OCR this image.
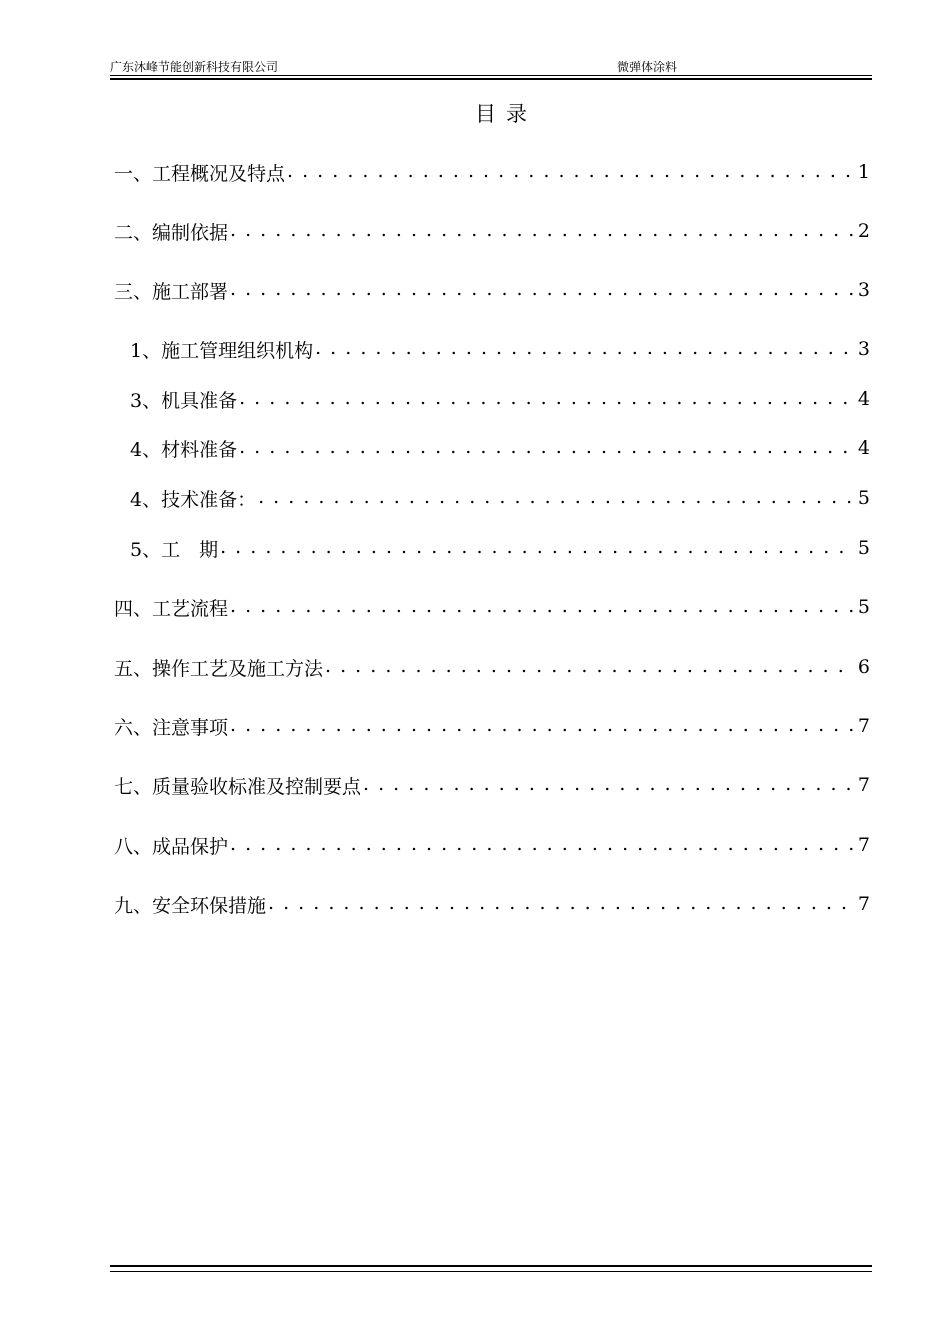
广东沐峰节能创新科技有限公司	微弹体涂料
目录
一、工程概况及特点 . . .	1
二、编制依据 . . .	2
三、施工部署 . . .	3
1、施工管理组织机构 . . .	3
3、机具准备 . . .	4
4、材料准备 . . .	4
4、技术准备： . . .	5
5、工　期 . . .	5
四、工艺流程 . . .	5
五、操作工艺及施工方法 . . .	6
六、注意事项 . . .	7
七、质量验收标准及控制要点 . . .	7
八、成品保护 . . .	7
九、安全环保措施 . . .	7
